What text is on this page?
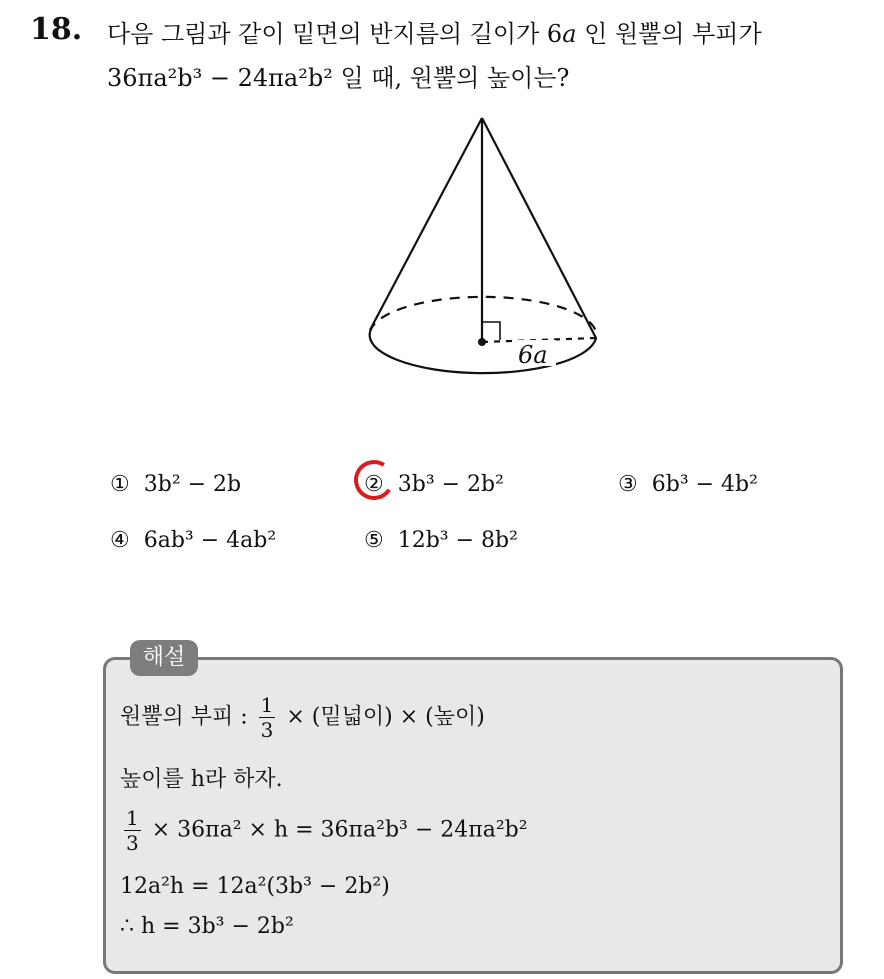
18. 다음 그림과 같이 밑면의 반지름의 길이가 6a 인 원뿔의 부피가
36πa²b³ − 24πa²b² 일 때, 원뿔의 높이는?
6a
① 3b² − 2b	② 3b³ − 2b²	③ 6b³ − 4b²
④ 6ab³ − 4ab²	⑤ 12b³ − 8b²
해설
원뿔의 부피 : $\frac{1}{3}$ × (밑넓이) × (높이)
높이를 h라 하자.
$\frac{1}{3} \times 36\pi a^2 \times h = 36\pi a^2b^3 - 24\pi a^2b^2$
12a²h = 12a²(3b³ − 2b²)
∴ h = 3b³ − 2b²
